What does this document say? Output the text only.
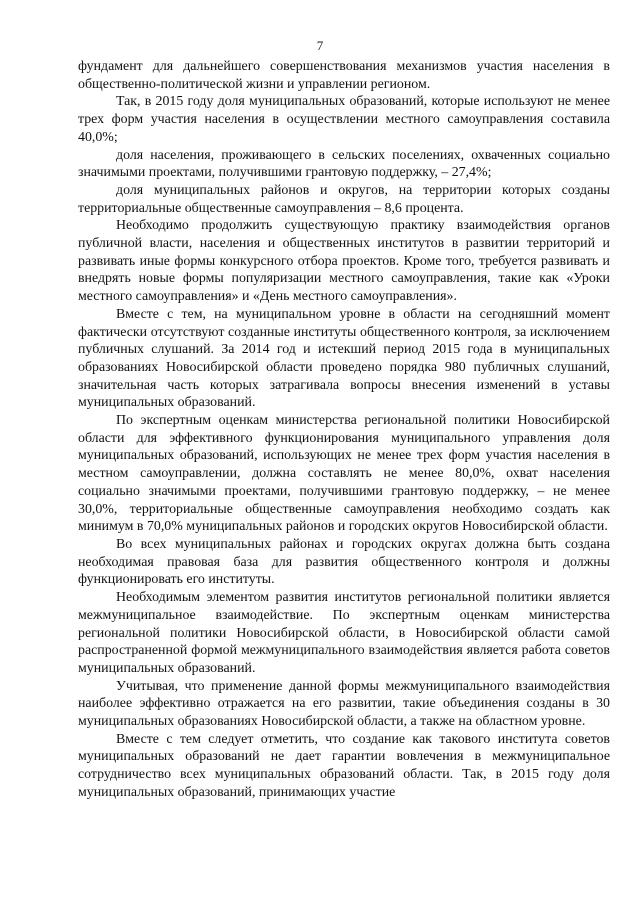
7

фундамент для дальнейшего совершенствования механизмов участия населения в общественно-политической жизни и управлении регионом.

Так, в 2015 году доля муниципальных образований, которые используют не менее трех форм участия населения в осуществлении местного самоуправления составила 40,0%;

доля населения, проживающего в сельских поселениях, охваченных социально значимыми проектами, получившими грантовую поддержку, – 27,4%;

доля муниципальных районов и округов, на территории которых созданы территориальные общественные самоуправления – 8,6 процента.

Необходимо продолжить существующую практику взаимодействия органов публичной власти, населения и общественных институтов в развитии территорий и развивать иные формы конкурсного отбора проектов. Кроме того, требуется развивать и внедрять новые формы популяризации местного самоуправления, такие как «Уроки местного самоуправления» и «День местного самоуправления».

Вместе с тем, на муниципальном уровне в области на сегодняшний момент фактически отсутствуют созданные институты общественного контроля, за исключением публичных слушаний. За 2014 год и истекший период 2015 года в муниципальных образованиях Новосибирской области проведено порядка 980 публичных слушаний, значительная часть которых затрагивала вопросы внесения изменений в уставы муниципальных образований.

По экспертным оценкам министерства региональной политики Новосибирской области для эффективного функционирования муниципального управления доля муниципальных образований, использующих не менее трех форм участия населения в местном самоуправлении, должна составлять не менее 80,0%, охват населения социально значимыми проектами, получившими грантовую поддержку, – не менее 30,0%, территориальные общественные самоуправления необходимо создать как минимум в 70,0% муниципальных районов и городских округов Новосибирской области.

Во всех муниципальных районах и городских округах должна быть создана необходимая правовая база для развития общественного контроля и должны функционировать его институты.

Необходимым элементом развития институтов региональной политики является межмуниципальное взаимодействие. По экспертным оценкам министерства региональной политики Новосибирской области, в Новосибирской области самой распространенной формой межмуниципального взаимодействия является работа советов муниципальных образований.

Учитывая, что применение данной формы межмуниципального взаимодействия наиболее эффективно отражается на его развитии, такие объединения созданы в 30 муниципальных образованиях Новосибирской области, а также на областном уровне.

Вместе с тем следует отметить, что создание как такового института советов муниципальных образований не дает гарантии вовлечения в межмуниципальное сотрудничество всех муниципальных образований области. Так, в 2015 году доля муниципальных образований, принимающих участие
